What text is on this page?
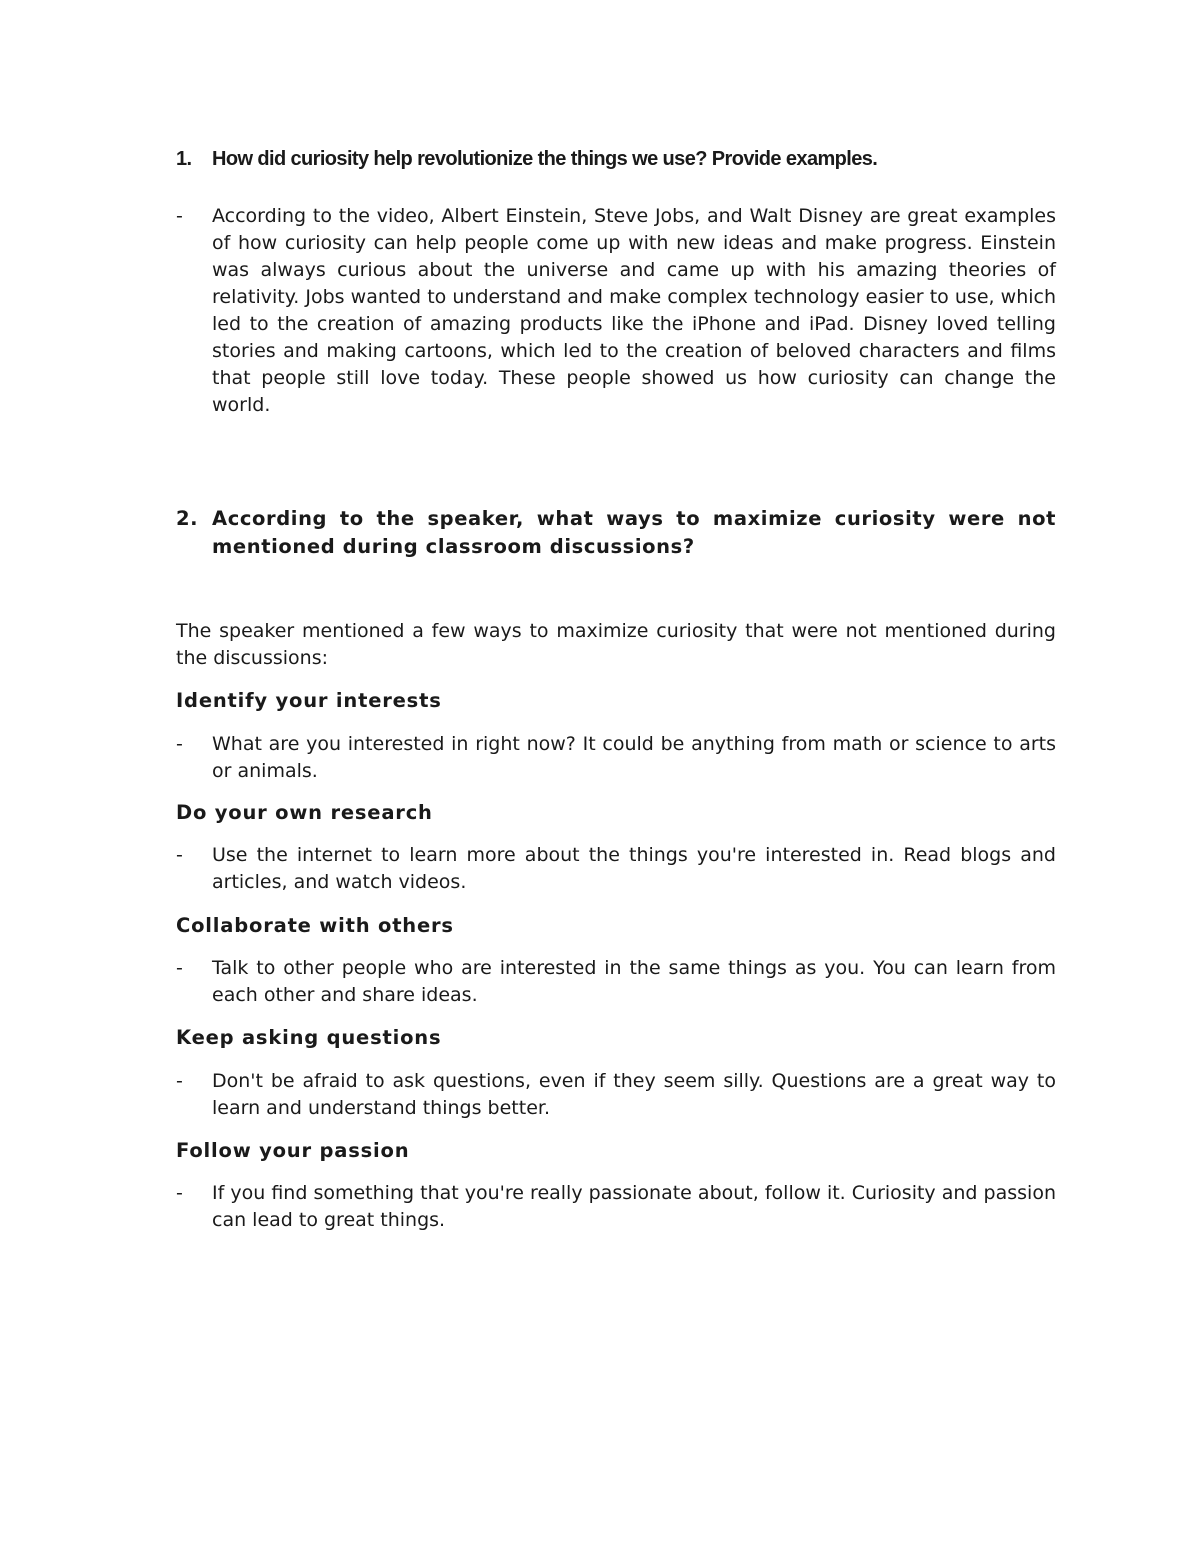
1. How did curiosity help revolutionize the things we use? Provide examples.
- According to the video, Albert Einstein, Steve Jobs, and Walt Disney are great examples of how curiosity can help people come up with new ideas and make progress. Einstein was always curious about the universe and came up with his amazing theories of relativity. Jobs wanted to understand and make complex technology easier to use, which led to the creation of amazing products like the iPhone and iPad. Disney loved telling stories and making cartoons, which led to the creation of beloved characters and films that people still love today. These people showed us how curiosity can change the world.
2. According to the speaker, what ways to maximize curiosity were not mentioned during classroom discussions?
The speaker mentioned a few ways to maximize curiosity that were not mentioned during the discussions:
Identify your interests
- What are you interested in right now? It could be anything from math or science to arts or animals.
Do your own research
- Use the internet to learn more about the things you're interested in. Read blogs and articles, and watch videos.
Collaborate with others
- Talk to other people who are interested in the same things as you. You can learn from each other and share ideas.
Keep asking questions
- Don't be afraid to ask questions, even if they seem silly. Questions are a great way to learn and understand things better.
Follow your passion
- If you find something that you're really passionate about, follow it. Curiosity and passion can lead to great things.
